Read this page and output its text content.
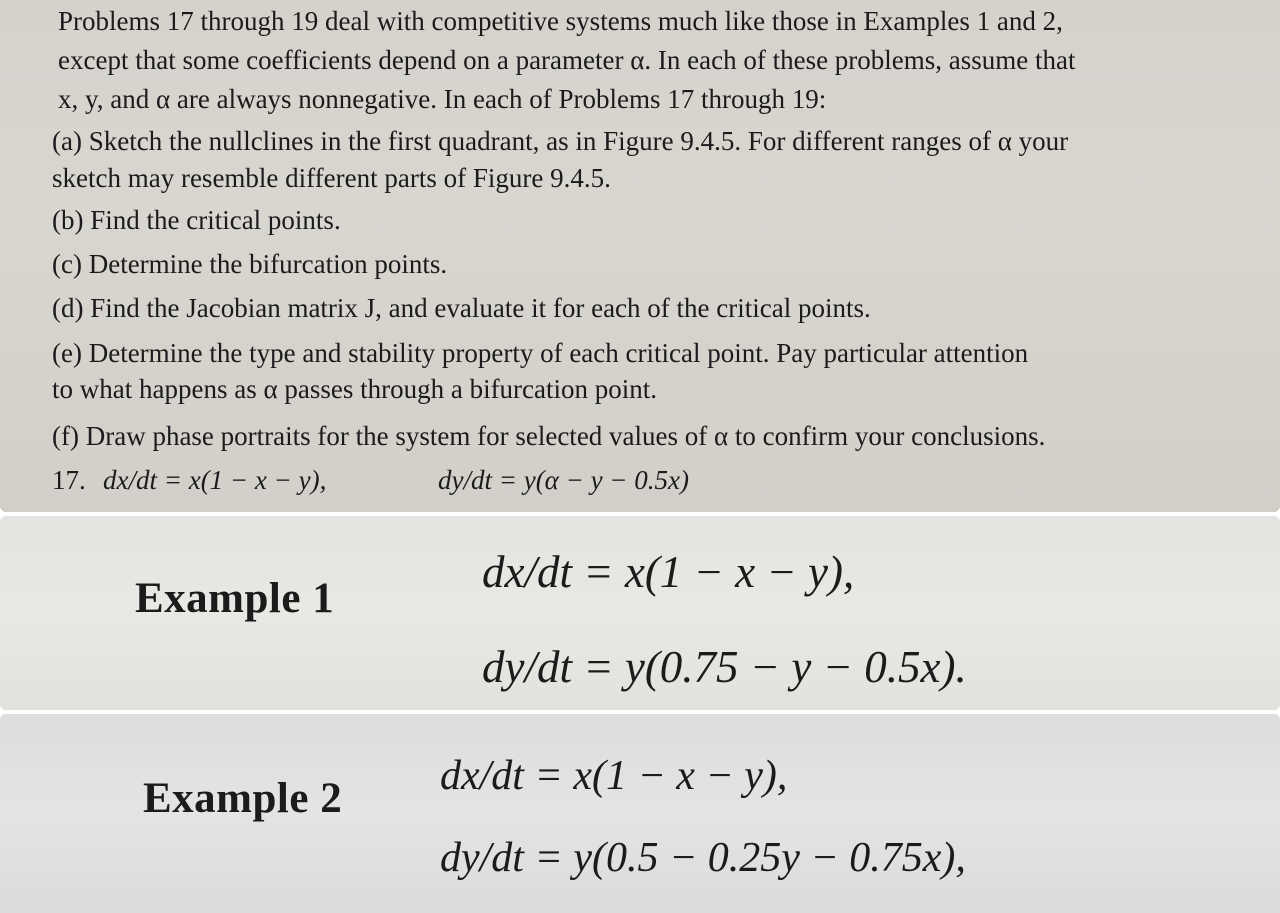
Problems 17 through 19 deal with competitive systems much like those in Examples 1 and 2,
except that some coefficients depend on a parameter α. In each of these problems, assume that
x, y, and α are always nonnegative. In each of Problems 17 through 19:
(a) Sketch the nullclines in the first quadrant, as in Figure 9.4.5. For different ranges of α your
sketch may resemble different parts of Figure 9.4.5.
(b) Find the critical points.
(c) Determine the bifurcation points.
(d) Find the Jacobian matrix J, and evaluate it for each of the critical points.
(e) Determine the type and stability property of each critical point. Pay particular attention
to what happens as α passes through a bifurcation point.
(f) Draw phase portraits for the system for selected values of α to confirm your conclusions.
17. dx/dt = x(1 − x − y),	dy/dt = y(α − y − 0.5x)
Example 1
dx/dt = x(1 − x − y),
dy/dt = y(0.75 − y − 0.5x).
Example 2 dx/dt = x(1 − x − y),
dy/dt = y(0.5 − 0.25y − 0.75x),
